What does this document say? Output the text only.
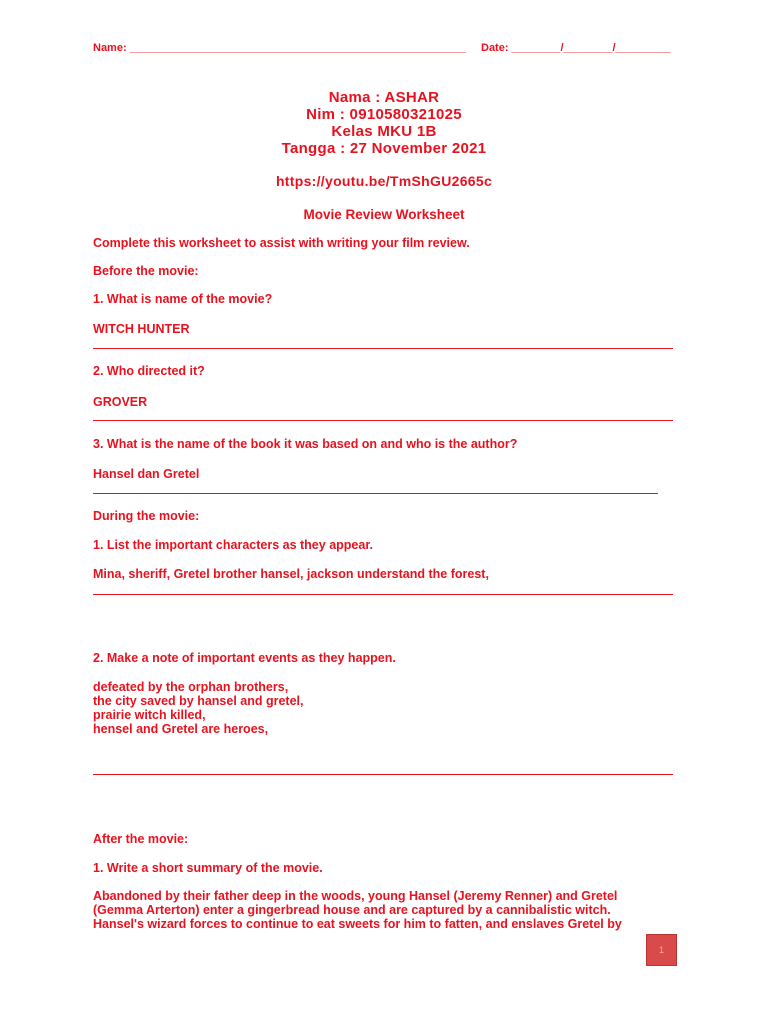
Name: _______________________________________________________ Date: ________/________/_________
Nama : ASHAR
Nim : 0910580321025
Kelas MKU 1B
Tangga : 27 November 2021
https://youtu.be/TmShGU2665c
Movie Review Worksheet
Complete this worksheet to assist with writing your film review.
Before the movie:
1. What is name of the movie?
WITCH HUNTER
2. Who directed it?
GROVER
3. What is the name of the book it was based on and who is the author?
Hansel dan Gretel
During the movie:
1. List the important characters as they appear.
Mina, sheriff, Gretel brother hansel, jackson understand the forest,
2. Make a note of important events as they happen.
defeated by the orphan brothers,
the city saved by hansel and gretel,
prairie witch killed,
hensel and Gretel are heroes,
After the movie:
1. Write a short summary of the movie.
Abandoned by their father deep in the woods, young Hansel (Jeremy Renner) and Gretel
(Gemma Arterton) enter a gingerbread house and are captured by a cannibalistic witch.
Hansel's wizard forces to continue to eat sweets for him to fatten, and enslaves Gretel by
1
